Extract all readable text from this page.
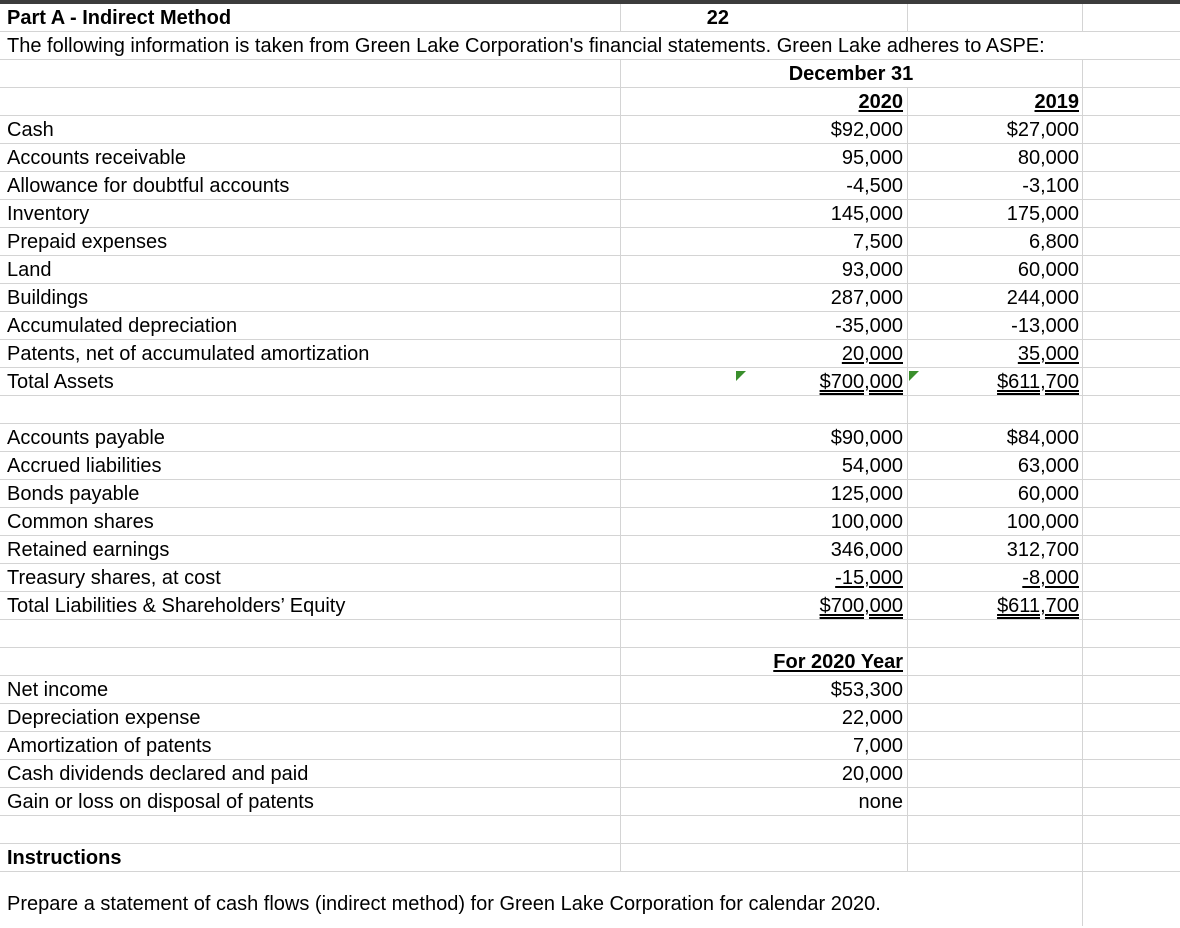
Part A - Indirect Method	22
The following information is taken from Green Lake Corporation's financial statements. Green Lake adheres to ASPE:
December 31
2020	2019
Cash	$92,000	$27,000
Accounts receivable	95,000	80,000
Allowance for doubtful accounts	-4,500	-3,100
Inventory	145,000	175,000
Prepaid expenses	7,500	6,800
Land	93,000	60,000
Buildings	287,000	244,000
Accumulated depreciation	-35,000	-13,000
Patents, net of accumulated amortization	20,000	35,000
Total Assets	$700,000	$611,700
Accounts payable	$90,000	$84,000
Accrued liabilities	54,000	63,000
Bonds payable	125,000	60,000
Common shares	100,000	100,000
Retained earnings	346,000	312,700
Treasury shares, at cost	-15,000	-8,000
Total Liabilities & Shareholders’ Equity	$700,000	$611,700
For 2020 Year
Net income	$53,300
Depreciation expense	22,000
Amortization of patents	7,000
Cash dividends declared and paid	20,000
Gain or loss on disposal of patents	none
Instructions
Prepare a statement of cash flows (indirect method) for Green Lake Corporation for calendar 2020.
